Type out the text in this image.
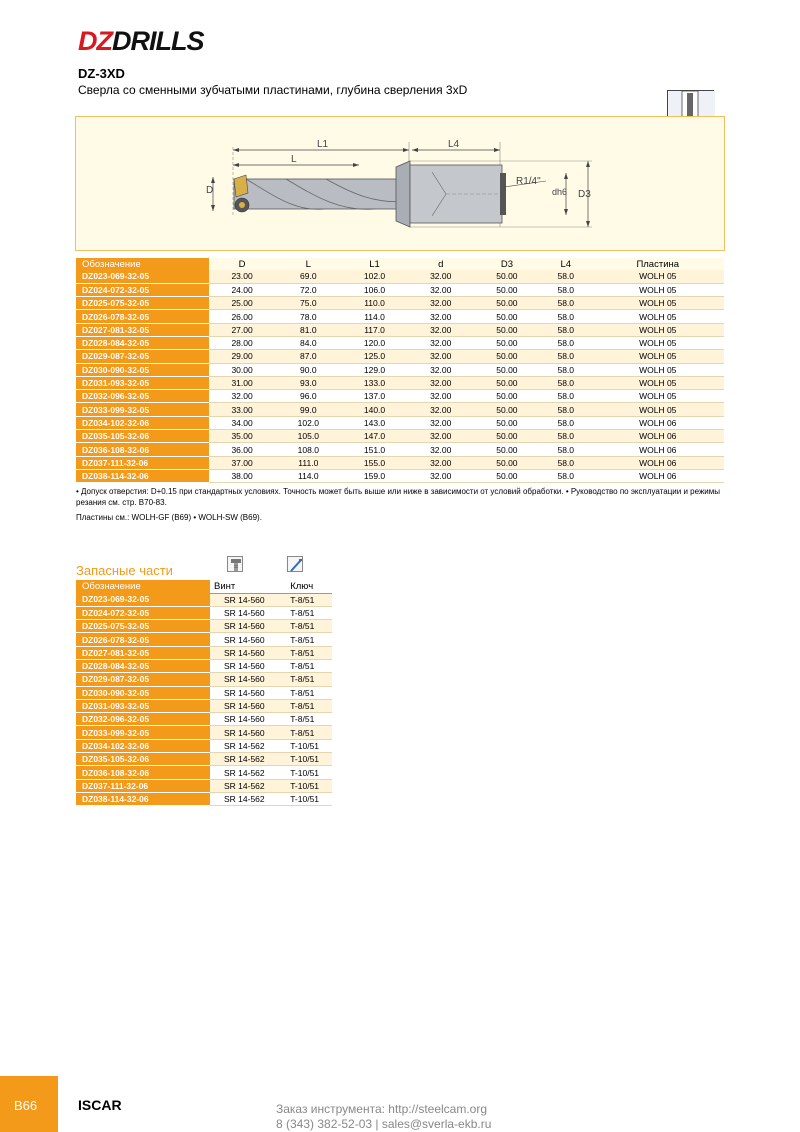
DZDRILLS
DZ-3XD
Сверла со сменными зубчатыми пластинами, глубина сверления 3xD
L1
L
L4
D
R1/4"
dh6 D3
Обозначение	D	L	L1	d	D3	L4	Пластина
DZ023-069-32-05	23.00	69.0	102.0	32.00	50.00	58.0	WOLH 05
DZ024-072-32-05	24.00	72.0	106.0	32.00	50.00	58.0	WOLH 05
DZ025-075-32-05	25.00	75.0	110.0	32.00	50.00	58.0	WOLH 05
DZ026-078-32-05	26.00	78.0	114.0	32.00	50.00	58.0	WOLH 05
DZ027-081-32-05	27.00	81.0	117.0	32.00	50.00	58.0	WOLH 05
DZ028-084-32-05	28.00	84.0	120.0	32.00	50.00	58.0	WOLH 05
DZ029-087-32-05	29.00	87.0	125.0	32.00	50.00	58.0	WOLH 05
DZ030-090-32-05	30.00	90.0	129.0	32.00	50.00	58.0	WOLH 05
DZ031-093-32-05	31.00	93.0	133.0	32.00	50.00	58.0	WOLH 05
DZ032-096-32-05	32.00	96.0	137.0	32.00	50.00	58.0	WOLH 05
DZ033-099-32-05	33.00	99.0	140.0	32.00	50.00	58.0	WOLH 05
DZ034-102-32-06	34.00	102.0	143.0	32.00	50.00	58.0	WOLH 06
DZ035-105-32-06	35.00	105.0	147.0	32.00	50.00	58.0	WOLH 06
DZ036-108-32-06	36.00	108.0	151.0	32.00	50.00	58.0	WOLH 06
DZ037-111-32-06	37.00	111.0	155.0	32.00	50.00	58.0	WOLH 06
DZ038-114-32-06	38.00	114.0	159.0	32.00	50.00	58.0	WOLH 06
• Допуск отверстия: D+0.15 при стандартных условиях. Точность может быть выше или ниже в зависимости от условий обработки. • Руководство по эксплуатации и режимы резания см. стр. B70-83.
Пластины см.: WOLH-GF (B69) • WOLH-SW (B69).
Запасные части
Обозначение	Винт	Ключ
DZ023-069-32-05	SR 14-560	T-8/51
DZ024-072-32-05	SR 14-560	T-8/51
DZ025-075-32-05	SR 14-560	T-8/51
DZ026-078-32-05	SR 14-560	T-8/51
DZ027-081-32-05	SR 14-560	T-8/51
DZ028-084-32-05	SR 14-560	T-8/51
DZ029-087-32-05	SR 14-560	T-8/51
DZ030-090-32-05	SR 14-560	T-8/51
DZ031-093-32-05	SR 14-560	T-8/51
DZ032-096-32-05	SR 14-560	T-8/51
DZ033-099-32-05	SR 14-560	T-8/51
DZ034-102-32-06	SR 14-562	T-10/51
DZ035-105-32-06	SR 14-562	T-10/51
DZ036-108-32-06	SR 14-562	T-10/51
DZ037-111-32-06	SR 14-562	T-10/51
DZ038-114-32-06	SR 14-562	T-10/51
B66	ISCAR	Заказ инструмента: http://steelcam.org
8 (343) 382-52-03 | sales@sverla-ekb.ru
